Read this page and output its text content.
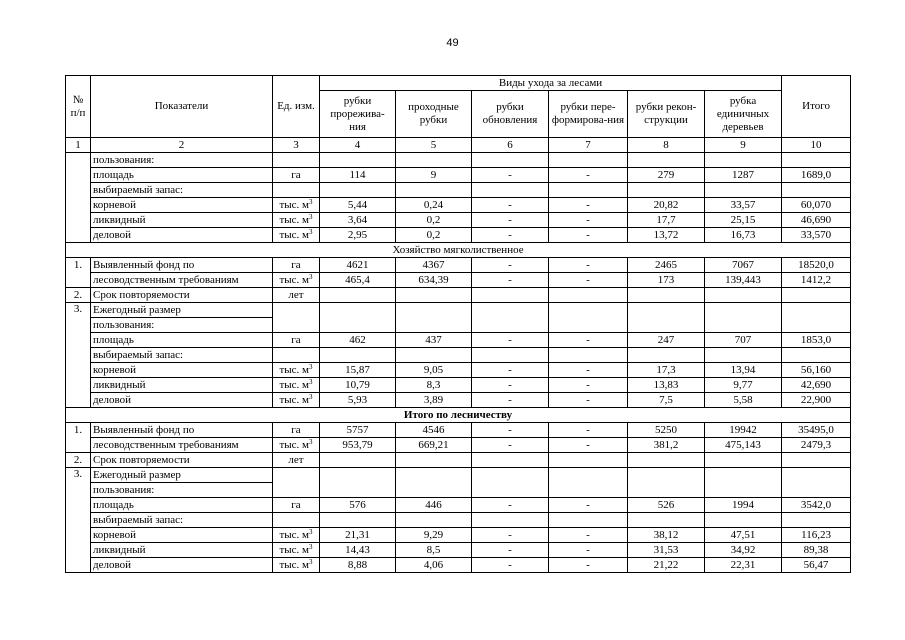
49
№ п/п	Показатели	Ед. изм.	Виды ухода за лесами						Итого
			рубки прорежива-ния	проходные рубки	рубки обновления	рубки пере-формирова-ния	рубки рекон-струкции	рубка единичных деревьев	
1	2	3	4	5	6	7	8	9	10
	пользования:								
	площадь	га	114	9	-	-	279	1287	1689,0
	выбираемый запас:								
	корневой	тыс. $м^3$	5,44	0,24	-	-	20,82	33,57	60,070
	ликвидный	тыс. $м^3$	3,64	0,2	-	-	17,7	25,15	46,690
	деловой	тыс. $м^3$	2,95	0,2	-	-	13,72	16,73	33,570
Хозяйство мягколиственное									
1.	Выявленный фонд по	га	4621	4367	-	-	2465	7067	18520,0
	лесоводственным требованиям	тыс. $м^3$	465,4	634,39	-	-	173	139,443	1412,2
2.	Срок повторяемости	лет							
3.	Ежегодный размер								
	пользования:								
	площадь	га	462	437	-	-	247	707	1853,0
	выбираемый запас:								
	корневой	тыс. $м^3$	15,87	9,05	-	-	17,3	13,94	56,160
	ликвидный	тыс. $м^3$	10,79	8,3	-	-	13,83	9,77	42,690
	деловой	тыс. $м^3$	5,93	3,89	-	-	7,5	5,58	22,900
Итого по лесничеству									
1.	Выявленный фонд по	га	5757	4546	-	-	5250	19942	35495,0
	лесоводственным требованиям	тыс. $м^3$	953,79	669,21	-	-	381,2	475,143	2479,3
2.	Срок повторяемости	лет							
3.	Ежегодный размер								
	пользования:								
	площадь	га	576	446	-	-	526	1994	3542,0
	выбираемый запас:								
	корневой	тыс. $м^3$	21,31	9,29	-	-	38,12	47,51	116,23
	ликвидный	тыс. $м^3$	14,43	8,5	-	-	31,53	34,92	89,38
	деловой	тыс. $м^3$	8,88	4,06	-	-	21,22	22,31	56,47
